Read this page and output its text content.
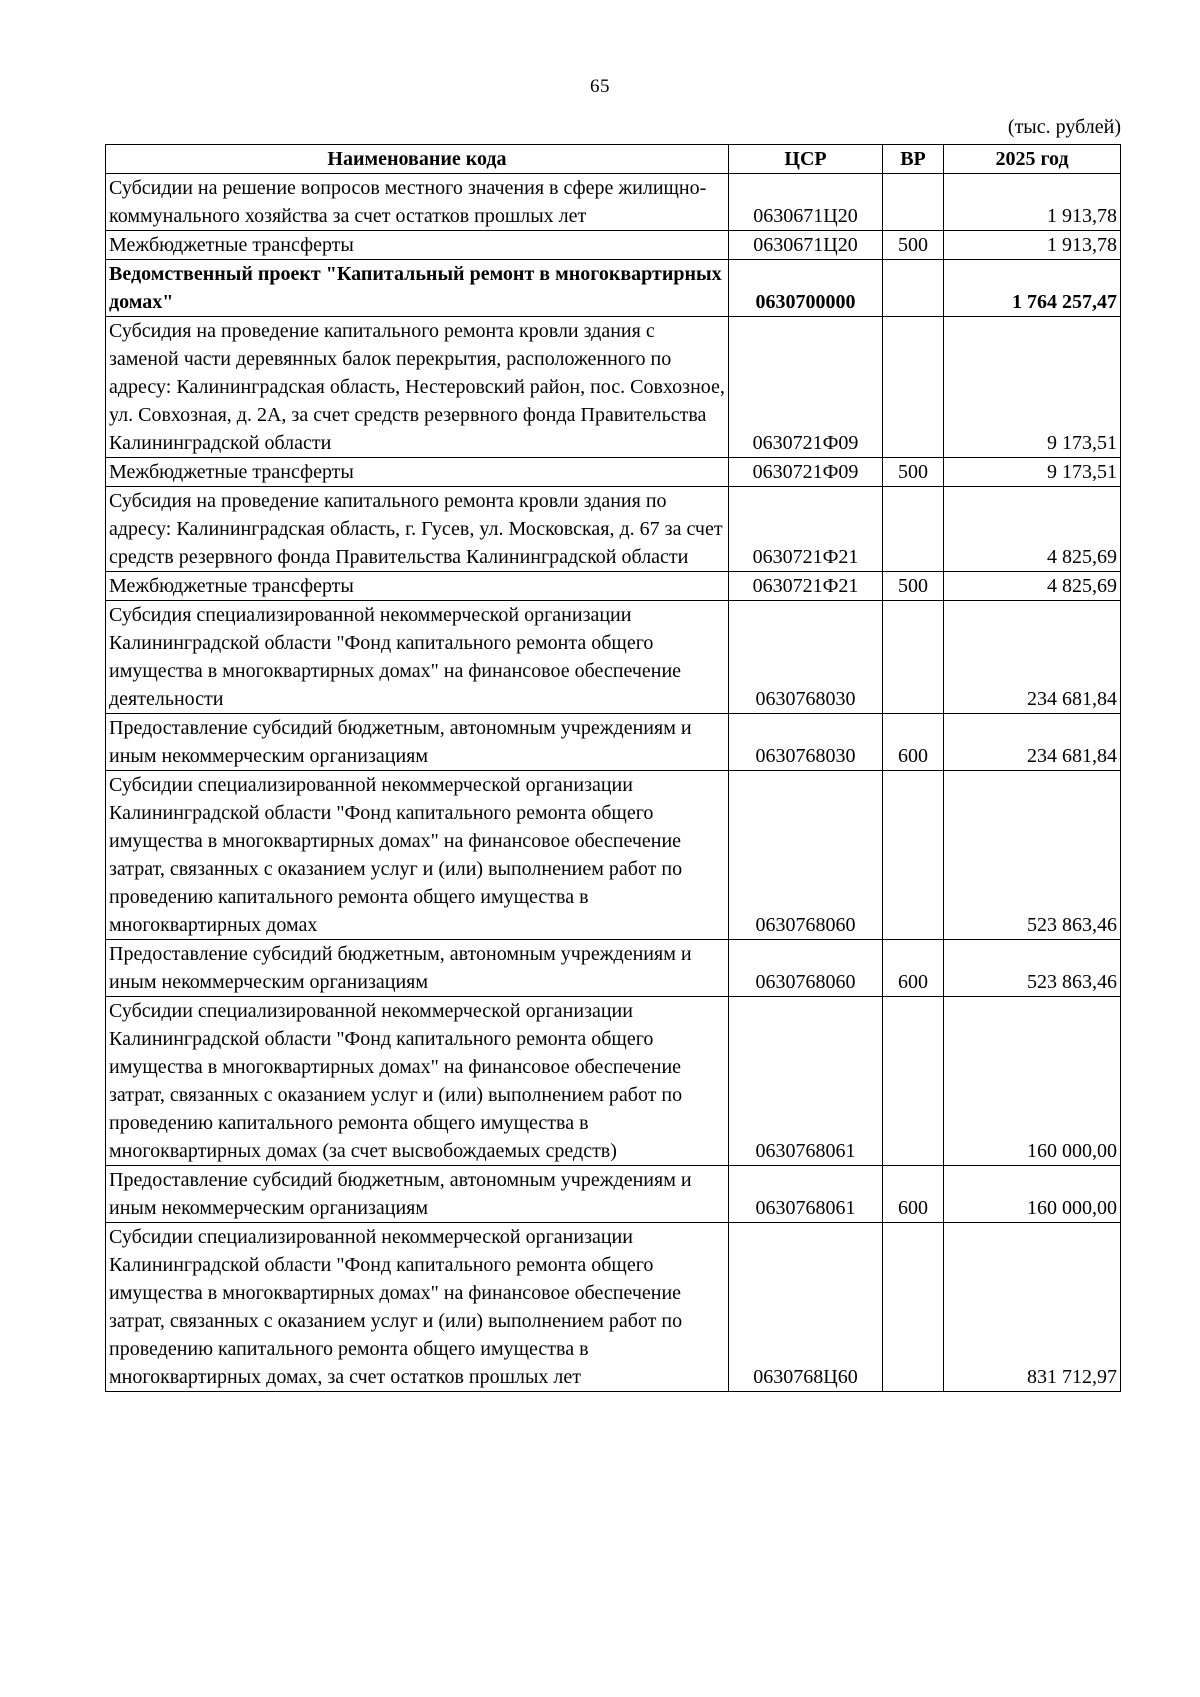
65
(тыс. рублей)
Наименование кода	ЦСР	ВР	2025 год
Субсидии на решение вопросов местного значения в сфере жилищно-коммунального хозяйства за счет остатков прошлых лет	0630671Ц20		1 913,78
Межбюджетные трансферты	0630671Ц20	500	1 913,78
Ведомственный проект "Капитальный ремонт в многоквартирных домах"	0630700000		1 764 257,47
Субсидия на проведение капитального ремонта кровли здания с заменой части деревянных балок перекрытия, расположенного по адресу: Калининградская область, Нестеровский район, пос. Совхозное, ул. Совхозная, д. 2А, за счет средств резервного фонда Правительства Калининградской области	0630721Ф09		9 173,51
Межбюджетные трансферты	0630721Ф09	500	9 173,51
Субсидия на проведение капитального ремонта кровли здания по адресу: Калининградская область, г. Гусев, ул. Московская, д. 67 за счет средств резервного фонда Правительства Калининградской области	0630721Ф21		4 825,69
Межбюджетные трансферты	0630721Ф21	500	4 825,69
Субсидия специализированной некоммерческой организации Калининградской области "Фонд капитального ремонта общего имущества в многоквартирных домах" на финансовое обеспечение деятельности	0630768030		234 681,84
Предоставление субсидий бюджетным, автономным учреждениям и иным некоммерческим организациям	0630768030	600	234 681,84
Субсидии специализированной некоммерческой организации Калининградской области "Фонд капитального ремонта общего имущества в многоквартирных домах" на финансовое обеспечение затрат, связанных с оказанием услуг и (или) выполнением работ по проведению капитального ремонта общего имущества в многоквартирных домах	0630768060		523 863,46
Предоставление субсидий бюджетным, автономным учреждениям и иным некоммерческим организациям	0630768060	600	523 863,46
Субсидии специализированной некоммерческой организации Калининградской области "Фонд капитального ремонта общего имущества в многоквартирных домах" на финансовое обеспечение затрат, связанных с оказанием услуг и (или) выполнением работ по проведению капитального ремонта общего имущества в многоквартирных домах (за счет высвобождаемых средств)	0630768061		160 000,00
Предоставление субсидий бюджетным, автономным учреждениям и иным некоммерческим организациям	0630768061	600	160 000,00
Субсидии специализированной некоммерческой организации Калининградской области "Фонд капитального ремонта общего имущества в многоквартирных домах" на финансовое обеспечение затрат, связанных с оказанием услуг и (или) выполнением работ по проведению капитального ремонта общего имущества в многоквартирных домах, за счет остатков прошлых лет	0630768Ц60		831 712,97
